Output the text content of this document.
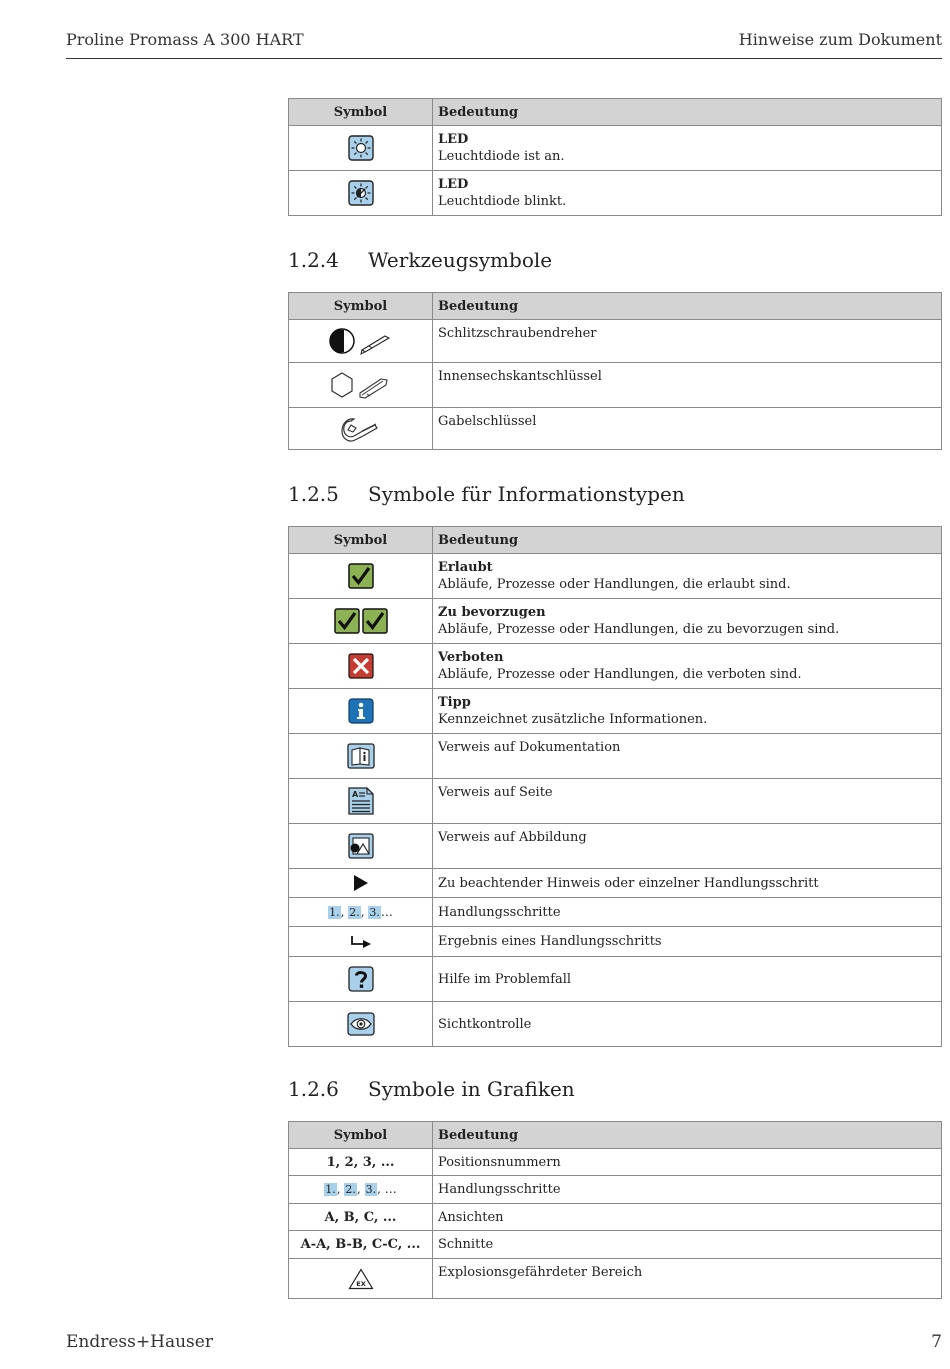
Proline Promass A 300 HART	Hinweise zum Dokument
Symbol	Bedeutung

LED
Leuchtdiode ist an.

LED
Leuchtdiode blinkt.
1.2.4 Werkzeugsymbole
Symbol	Bedeutung

Schlitzschraubendreher

Innensechskantschlüssel

Gabelschlüssel
1.2.5 Symbole für Informationstypen
Symbol	Bedeutung

Erlaubt
Abläufe, Prozesse oder Handlungen, die erlaubt sind.

Zu bevorzugen
Abläufe, Prozesse oder Handlungen, die zu bevorzugen sind.

Verboten
Abläufe, Prozesse oder Handlungen, die verboten sind.

Tipp
Kennzeichnet zusätzliche Informationen.

Verweis auf Dokumentation

A	Verweis auf Seite

Verweis auf Abbildung

Zu beachtender Hinweis oder einzelner Handlungsschritt

1., 2., 3.…	Handlungsschritte

Ergebnis eines Handlungsschritts

Hilfe im Problemfall

Sichtkontrolle
1.2.6 Symbole in Grafiken
Symbol	Bedeutung
1, 2, 3, ...	Positionsnummern

1., 2., 3., …	Handlungsschritte

A, B, C, ...	Ansichten

A-A, B-B, C-C, ...	Schnitte

EX	Explosionsgefährdeter Bereich
Endress+Hauser	7
